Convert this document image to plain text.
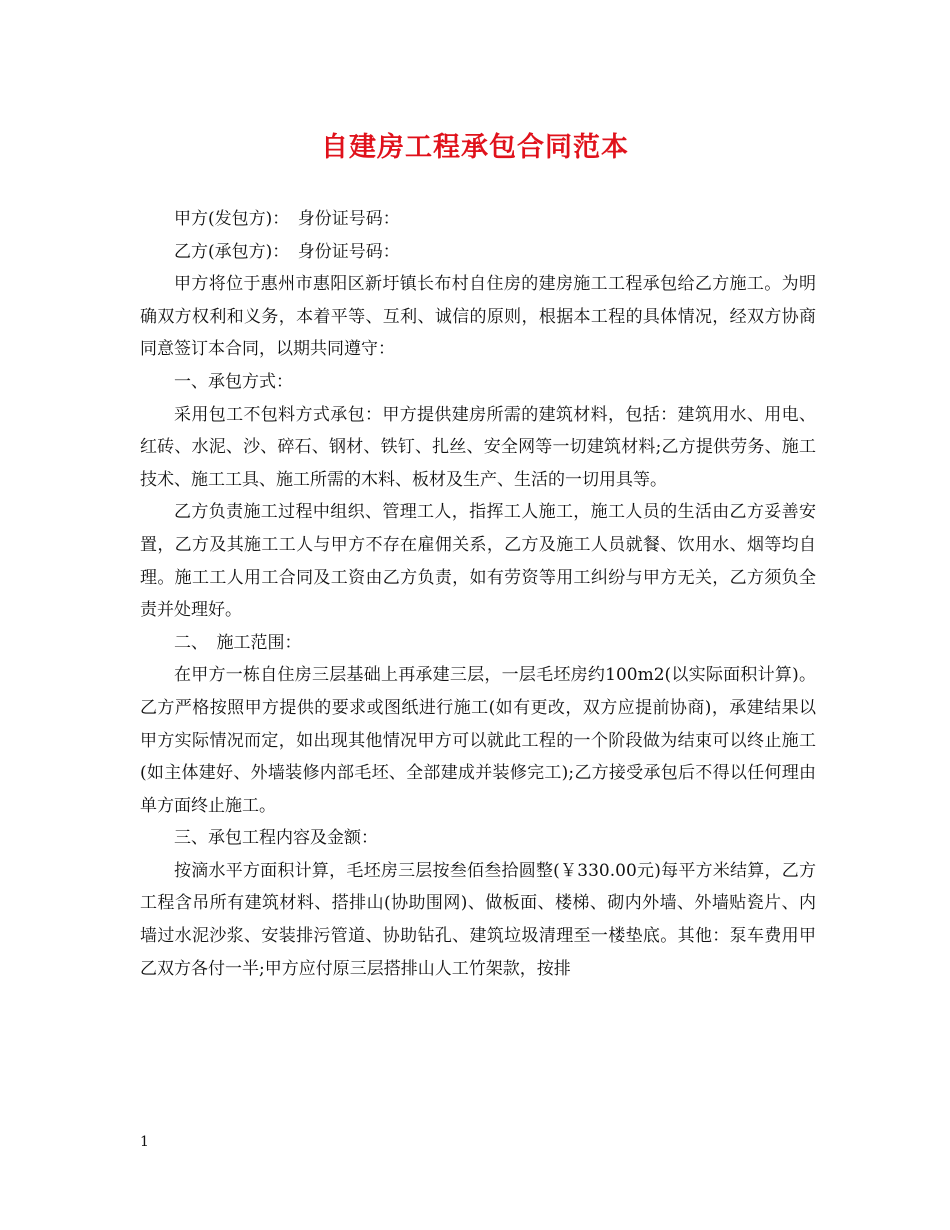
自建房工程承包合同范本

甲方(发包方)：　身份证号码：

乙方(承包方)：　身份证号码：

甲方将位于惠州市惠阳区新圩镇长布村自住房的建房施工工程承包给乙方施工。为明确双方权利和义务，本着平等、互利、诚信的原则，根据本工程的具体情况，经双方协商同意签订本合同，以期共同遵守：

一、承包方式：

采用包工不包料方式承包：甲方提供建房所需的建筑材料，包括：建筑用水、用电、红砖、水泥、沙、碎石、钢材、铁钉、扎丝、安全网等一切建筑材料;乙方提供劳务、施工技术、施工工具、施工所需的木料、板材及生产、生活的一切用具等。

乙方负责施工过程中组织、管理工人，指挥工人施工，施工人员的生活由乙方妥善安置，乙方及其施工工人与甲方不存在雇佣关系，乙方及施工人员就餐、饮用水、烟等均自理。施工工人用工合同及工资由乙方负责，如有劳资等用工纠纷与甲方无关，乙方须负全责并处理好。

二、　施工范围：

在甲方一栋自住房三层基础上再承建三层，一层毛坯房约100m2(以实际面积计算)。乙方严格按照甲方提供的要求或图纸进行施工(如有更改，双方应提前协商)，承建结果以甲方实际情况而定，如出现其他情况甲方可以就此工程的一个阶段做为结束可以终止施工(如主体建好、外墙装修内部毛坯、全部建成并装修完工);乙方接受承包后不得以任何理由单方面终止施工。

三、承包工程内容及金额：

按滴水平方面积计算，毛坯房三层按叁佰叁拾圆整(￥330.00元)每平方米结算，乙方工程含吊所有建筑材料、搭排山(协助围网)、做板面、楼梯、砌内外墙、外墙贴瓷片、内墙过水泥沙浆、安装排污管道、协助钻孔、建筑垃圾清理至一楼垫底。其他：泵车费用甲乙双方各付一半;甲方应付原三层搭排山人工竹架款，按排

1
